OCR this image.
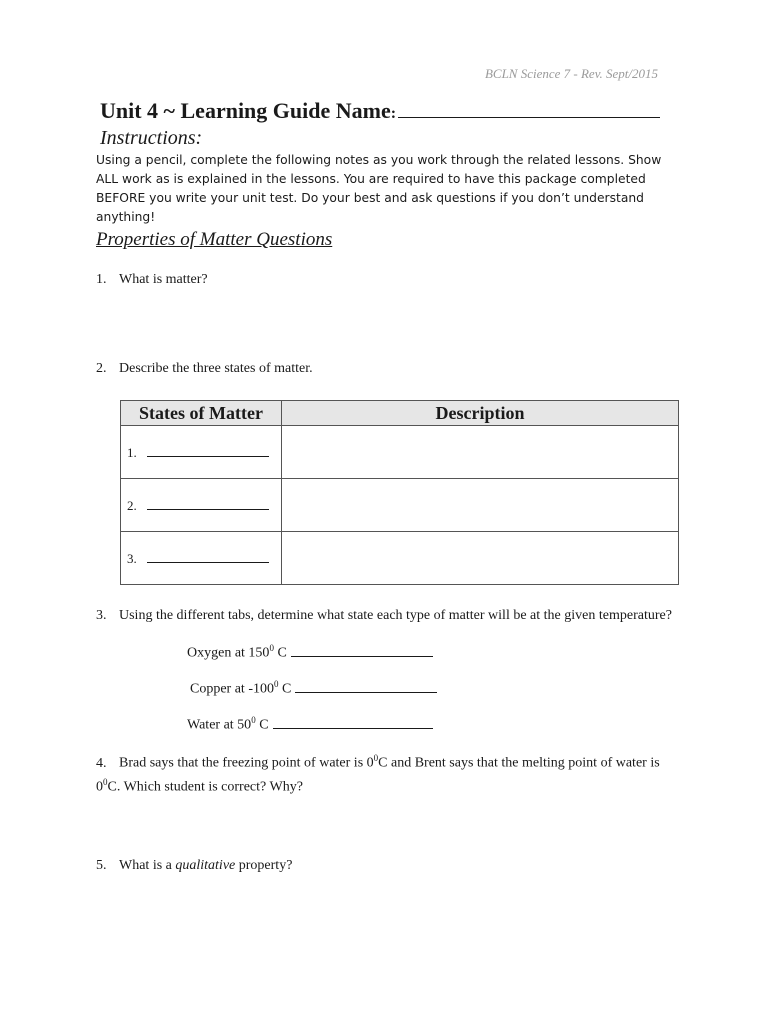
BCLN Science 7 - Rev. Sept/2015
Unit 4 ~ Learning Guide Name:
Instructions:
Using a pencil, complete the following notes as you work through the related lessons. Show ALL work as is explained in the lessons. You are required to have this package completed BEFORE you write your unit test. Do your best and ask questions if you don’t understand anything!
Properties of Matter Questions
1. What is matter?
2. Describe the three states of matter.
States of Matter	Description
1.	
2.	
3.	
3. Using the different tabs, determine what state each type of matter will be at the given temperature?
Oxygen at $150^0$ C
Copper at $-100^0$ C
Water at $50^0$ C
4. Brad says that the freezing point of water is $0^0C$ and Brent says that the melting point of water is $0^0C$. Which student is correct? Why?
5. What is a qualitative property?
